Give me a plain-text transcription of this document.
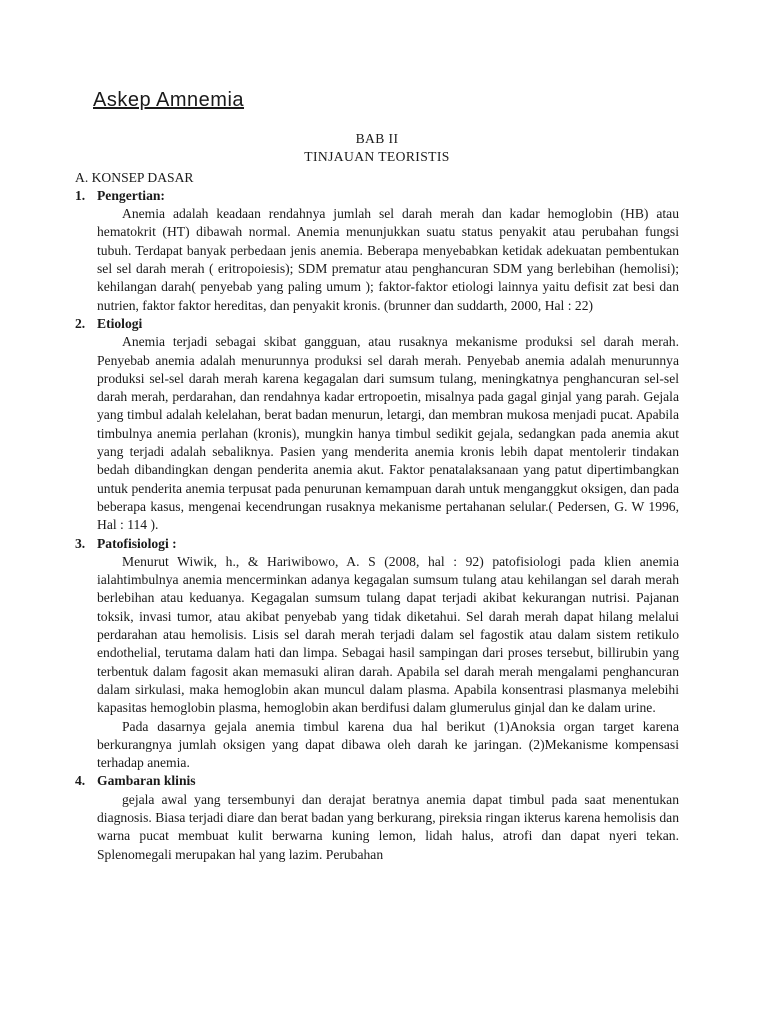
Askep Amnemia
BAB II
TINJAUAN TEORISTIS
A. KONSEP DASAR
1. Pengertian:

Anemia adalah keadaan rendahnya jumlah sel darah merah dan kadar hemoglobin (HB) atau hematokrit (HT) dibawah normal. Anemia menunjukkan suatu status penyakit atau perubahan fungsi tubuh. Terdapat banyak perbedaan jenis anemia. Beberapa menyebabkan ketidak adekuatan pembentukan sel sel darah merah ( eritropoiesis); SDM prematur atau penghancuran SDM yang berlebihan (hemolisi); kehilangan darah( penyebab yang paling umum ); faktor-faktor etiologi lainnya yaitu defisit zat besi dan nutrien, faktor faktor hereditas, dan penyakit kronis. (brunner dan suddarth, 2000, Hal : 22)

2. Etiologi

Anemia terjadi sebagai skibat gangguan, atau rusaknya mekanisme produksi sel darah merah. Penyebab anemia adalah menurunnya produksi sel darah merah. Penyebab anemia adalah menurunnya produksi sel-sel darah merah karena kegagalan dari sumsum tulang, meningkatnya penghancuran sel-sel darah merah, perdarahan, dan rendahnya kadar ertropoetin, misalnya pada gagal ginjal yang parah. Gejala yang timbul adalah kelelahan, berat badan menurun, letargi, dan membran mukosa menjadi pucat. Apabila timbulnya anemia perlahan (kronis), mungkin hanya timbul sedikit gejala, sedangkan pada anemia akut yang terjadi adalah sebaliknya. Pasien yang menderita anemia kronis lebih dapat mentolerir tindakan bedah dibandingkan dengan penderita anemia akut. Faktor penatalaksanaan yang patut dipertimbangkan untuk penderita anemia terpusat pada penurunan kemampuan darah untuk menganggkut oksigen, dan pada beberapa kasus, mengenai kecendrungan rusaknya mekanisme pertahanan selular.( Pedersen, G. W 1996, Hal : 114 ).

3. Patofisiologi :

Menurut Wiwik, h., & Hariwibowo, A. S (2008, hal : 92) patofisiologi pada klien anemia ialahtimbulnya anemia mencerminkan adanya kegagalan sumsum tulang atau kehilangan sel darah merah berlebihan atau keduanya. Kegagalan sumsum tulang dapat terjadi akibat kekurangan nutrisi. Pajanan toksik, invasi tumor, atau akibat penyebab yang tidak diketahui. Sel darah merah dapat hilang melalui perdarahan atau hemolisis. Lisis sel darah merah terjadi dalam sel fagostik atau dalam sistem retikulo endothelial, terutama dalam hati dan limpa. Sebagai hasil sampingan dari proses tersebut, billirubin yang terbentuk dalam fagosit akan memasuki aliran darah. Apabila sel darah merah mengalami penghancuran dalam sirkulasi, maka hemoglobin akan muncul dalam plasma. Apabila konsentrasi plasmanya melebihi kapasitas hemoglobin plasma, hemoglobin akan berdifusi dalam glumerulus ginjal dan ke dalam urine.

Pada dasarnya gejala anemia timbul karena dua hal berikut (1)Anoksia organ target karena berkurangnya jumlah oksigen yang dapat dibawa oleh darah ke jaringan. (2)Mekanisme kompensasi terhadap anemia.

4. Gambaran klinis

gejala awal yang tersembunyi dan derajat beratnya anemia dapat timbul pada saat menentukan diagnosis. Biasa terjadi diare dan berat badan yang berkurang, pireksia ringan ikterus karena hemolisis dan warna pucat membuat kulit berwarna kuning lemon, lidah halus, atrofi dan dapat nyeri tekan. Splenomegali merupakan hal yang lazim. Perubahan
